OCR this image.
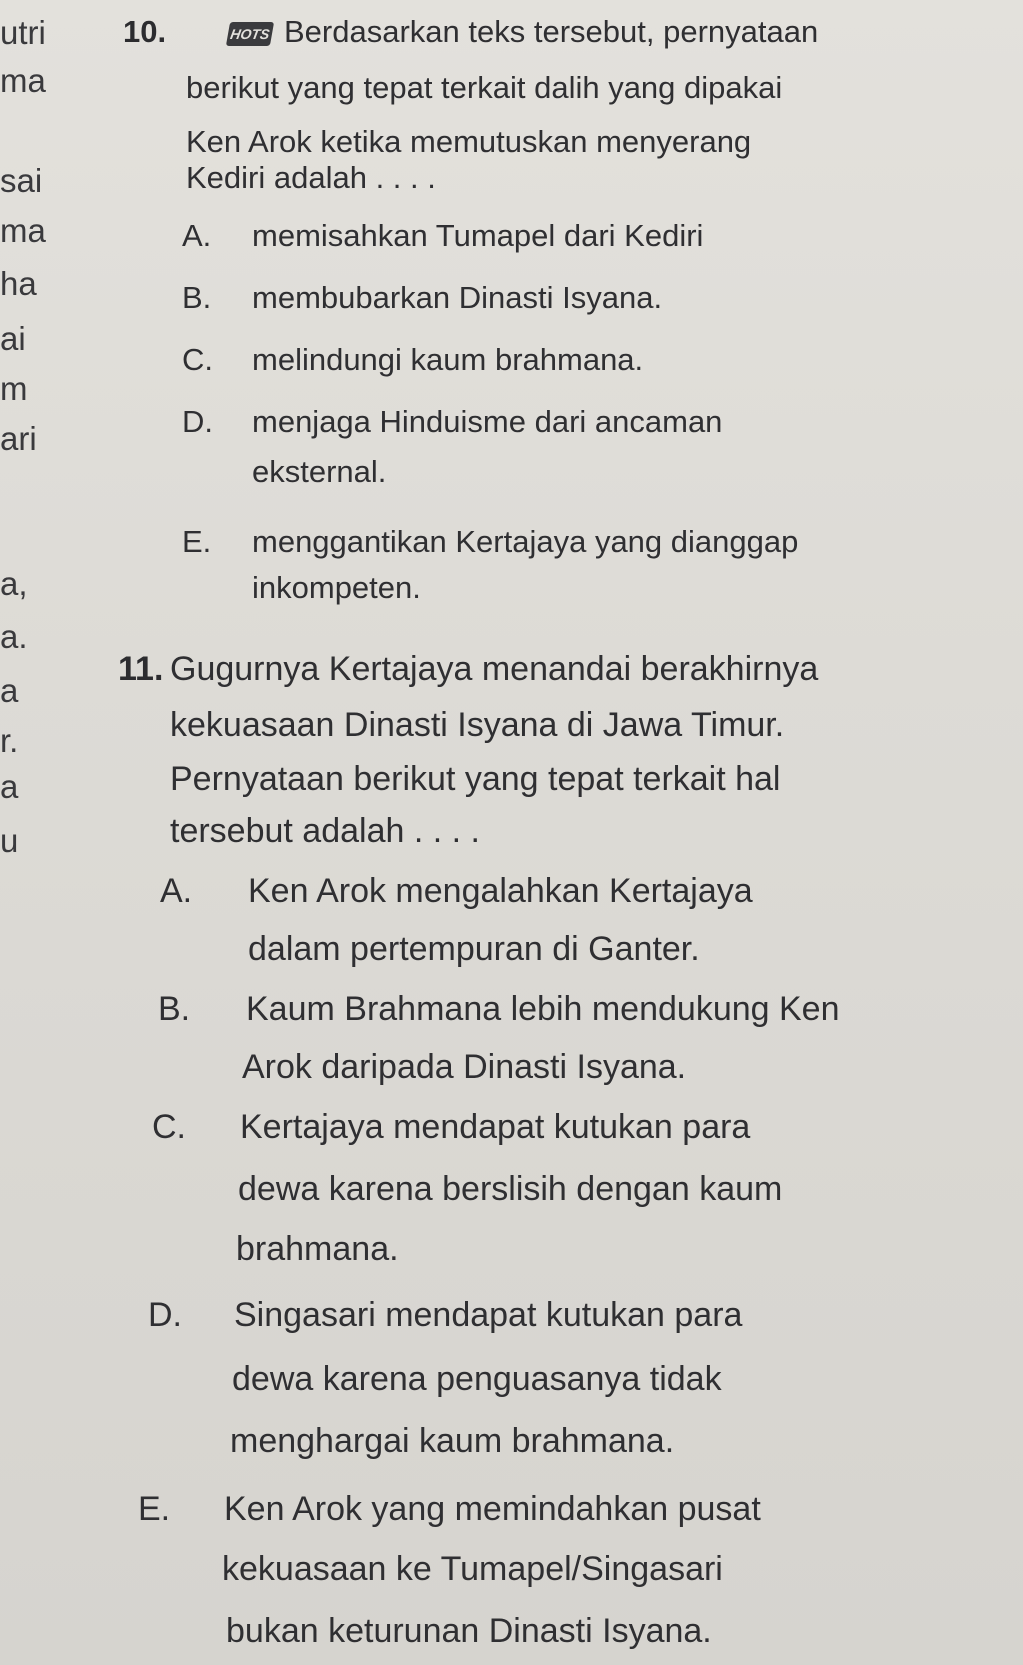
utri
ma
sai
ma
ha
ai
m
ari
a,
a.
a
r.
a
u
10.	HOTS Berdasarkan teks tersebut, pernyataan
berikut yang tepat terkait dalih yang dipakai
Ken Arok ketika memutuskan menyerang
Kediri adalah . . . .
A. memisahkan Tumapel dari Kediri
B. membubarkan Dinasti Isyana.
C. melindungi kaum brahmana.
D. menjaga Hinduisme dari ancaman
eksternal.
E. menggantikan Kertajaya yang dianggap
inkompeten.
11. Gugurnya Kertajaya menandai berakhirnya
kekuasaan Dinasti Isyana di Jawa Timur.
Pernyataan berikut yang tepat terkait hal
tersebut adalah . . . .
A. Ken Arok mengalahkan Kertajaya
dalam pertempuran di Ganter.
B. Kaum Brahmana lebih mendukung Ken
Arok daripada Dinasti Isyana.
C. Kertajaya mendapat kutukan para
dewa karena berslisih dengan kaum
brahmana.
D. Singasari mendapat kutukan para
dewa karena penguasanya tidak
menghargai kaum brahmana.
E. Ken Arok yang memindahkan pusat
kekuasaan ke Tumapel/Singasari
bukan keturunan Dinasti Isyana.
